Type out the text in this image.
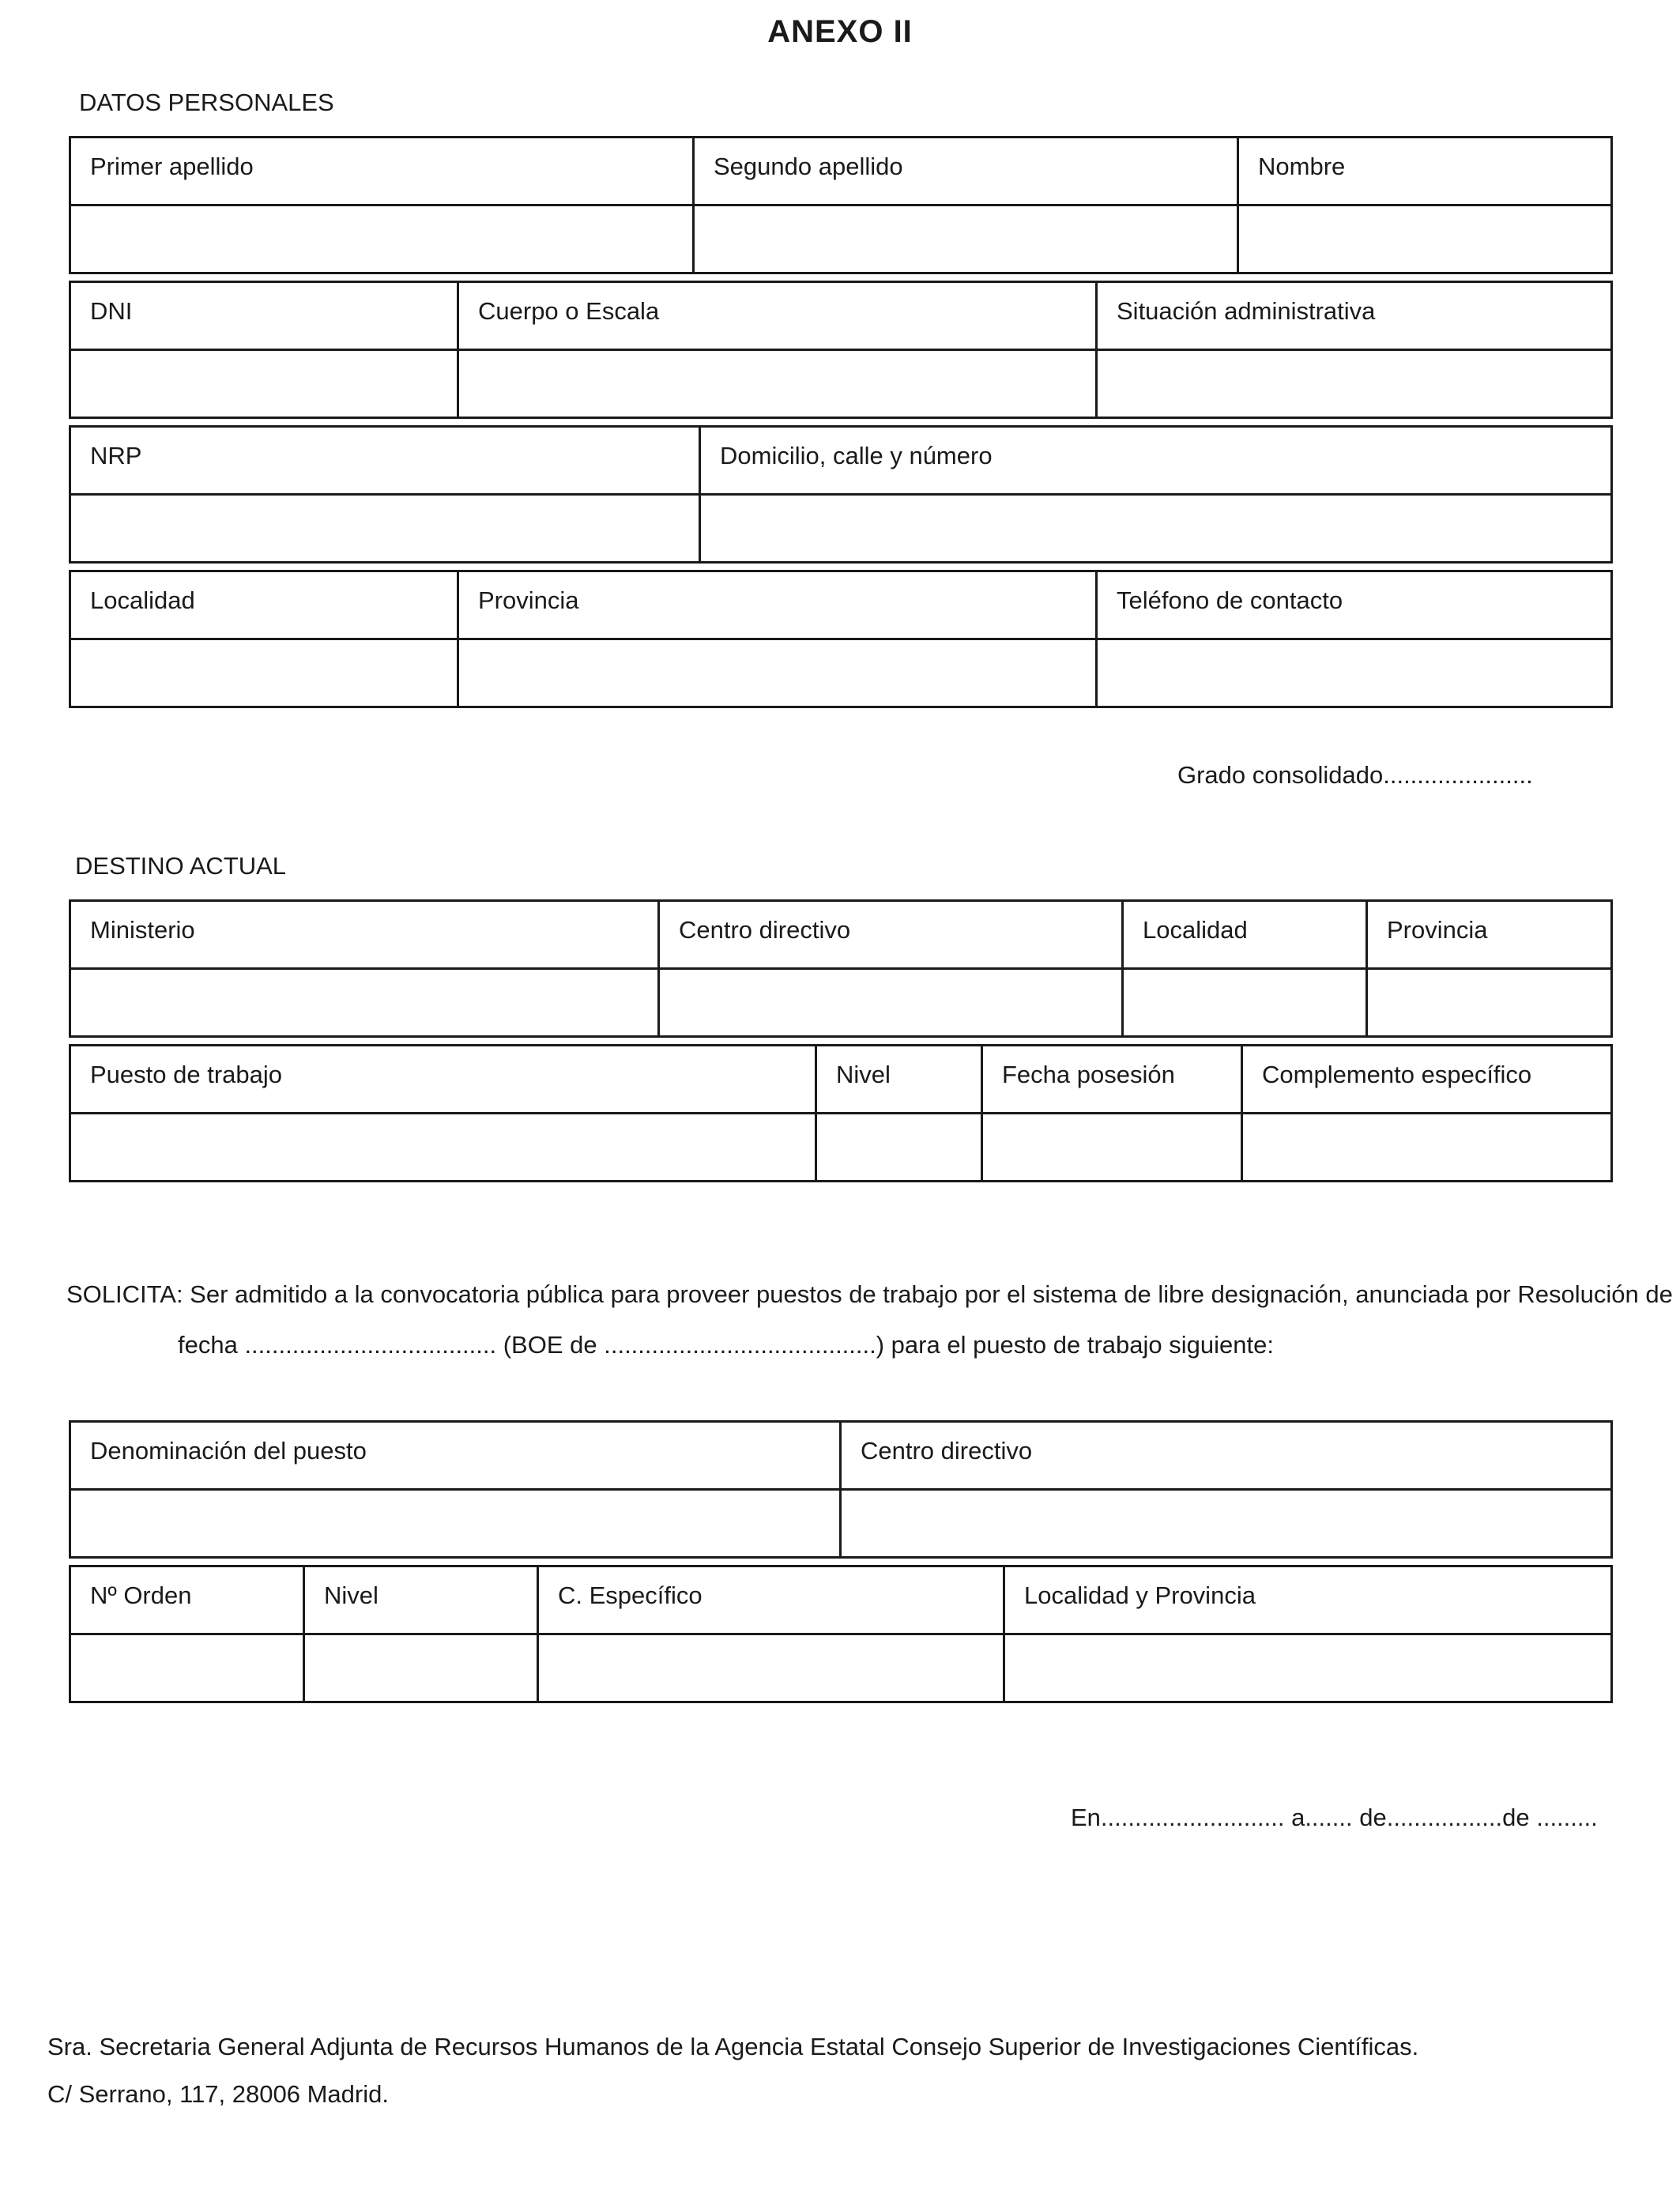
ANEXO II
DATOS PERSONALES
Primer apellido	Segundo apellido	Nombre

DNI	Cuerpo o Escala	Situación administrativa

NRP	Domicilio, calle y número

Localidad	Provincia	Teléfono de contacto

Grado consolidado......................
DESTINO ACTUAL
Ministerio	Centro directivo	Localidad	Provincia

Puesto de trabajo	Nivel	Fecha posesión	Complemento específico

SOLICITA: Ser admitido a la convocatoria pública para proveer puestos de trabajo por el sistema de libre designación, anunciada por Resolución de
fecha ..................................... (BOE de ........................................) para el puesto de trabajo siguiente:
Denominación del puesto	Centro directivo

Nº Orden	Nivel	C. Específico	Localidad y Provincia

En........................... a....... de.................de .........
Sra. Secretaria General Adjunta de Recursos Humanos de la Agencia Estatal Consejo Superior de Investigaciones Científicas.
C/ Serrano, 117, 28006 Madrid.
